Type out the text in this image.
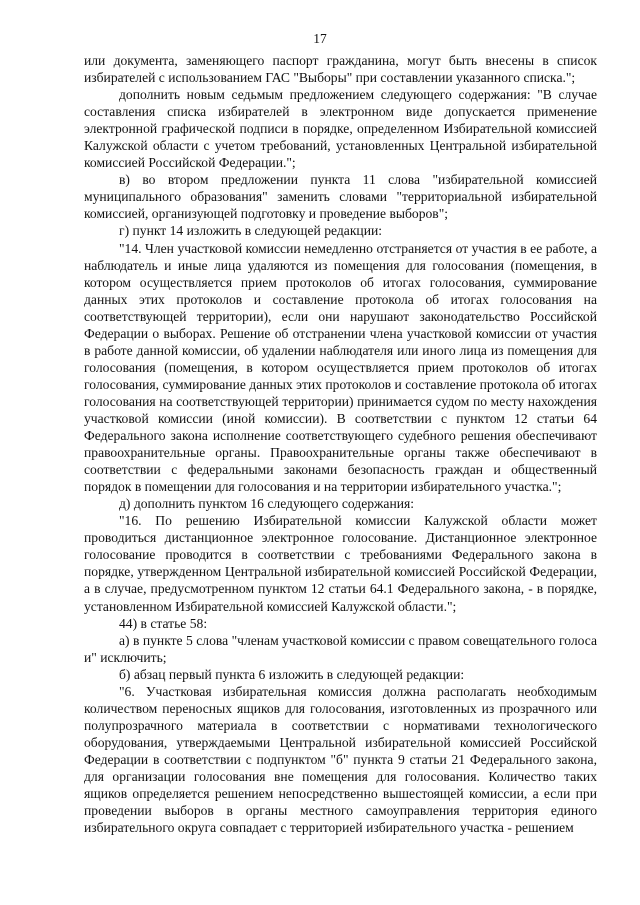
17

или документа, заменяющего паспорт гражданина, могут быть внесены в список избирателей с использованием ГАС "Выборы" при составлении указанного списка.";

дополнить новым седьмым предложением следующего содержания: "В случае составления списка избирателей в электронном виде допускается применение электронной графической подписи в порядке, определенном Избирательной комиссией Калужской области с учетом требований, установленных Центральной избирательной комиссией Российской Федерации.";

в) во втором предложении пункта 11 слова "избирательной комиссией муниципального образования" заменить словами "территориальной избирательной комиссией, организующей подготовку и проведение выборов";

г) пункт 14 изложить в следующей редакции:

"14. Член участковой комиссии немедленно отстраняется от участия в ее работе, а наблюдатель и иные лица удаляются из помещения для голосования (помещения, в котором осуществляется прием протоколов об итогах голосования, суммирование данных этих протоколов и составление протокола об итогах голосования на соответствующей территории), если они нарушают законодательство Российской Федерации о выборах. Решение об отстранении члена участковой комиссии от участия в работе данной комиссии, об удалении наблюдателя или иного лица из помещения для голосования (помещения, в котором осуществляется прием протоколов об итогах голосования, суммирование данных этих протоколов и составление протокола об итогах голосования на соответствующей территории) принимается судом по месту нахождения участковой комиссии (иной комиссии). В соответствии с пунктом 12 статьи 64 Федерального закона исполнение соответствующего судебного решения обеспечивают правоохранительные органы. Правоохранительные органы также обеспечивают в соответствии с федеральными законами безопасность граждан и общественный порядок в помещении для голосования и на территории избирательного участка.";

д) дополнить пунктом 16 следующего содержания:

"16. По решению Избирательной комиссии Калужской области может проводиться дистанционное электронное голосование. Дистанционное электронное голосование проводится в соответствии с требованиями Федерального закона в порядке, утвержденном Центральной избирательной комиссией Российской Федерации, а в случае, предусмотренном пунктом 12 статьи 64.1 Федерального закона, - в порядке, установленном Избирательной комиссией Калужской области.";

44) в статье 58:

а) в пункте 5 слова "членам участковой комиссии с правом совещательного голоса и" исключить;

б) абзац первый пункта 6 изложить в следующей редакции:

"6. Участковая избирательная комиссия должна располагать необходимым количеством переносных ящиков для голосования, изготовленных из прозрачного или полупрозрачного материала в соответствии с нормативами технологического оборудования, утверждаемыми Центральной избирательной комиссией Российской Федерации в соответствии с подпунктом "б" пункта 9 статьи 21 Федерального закона, для организации голосования вне помещения для голосования. Количество таких ящиков определяется решением непосредственно вышестоящей комиссии, а если при проведении выборов в органы местного самоуправления территория единого избирательного округа совпадает с территорией избирательного участка - решением
